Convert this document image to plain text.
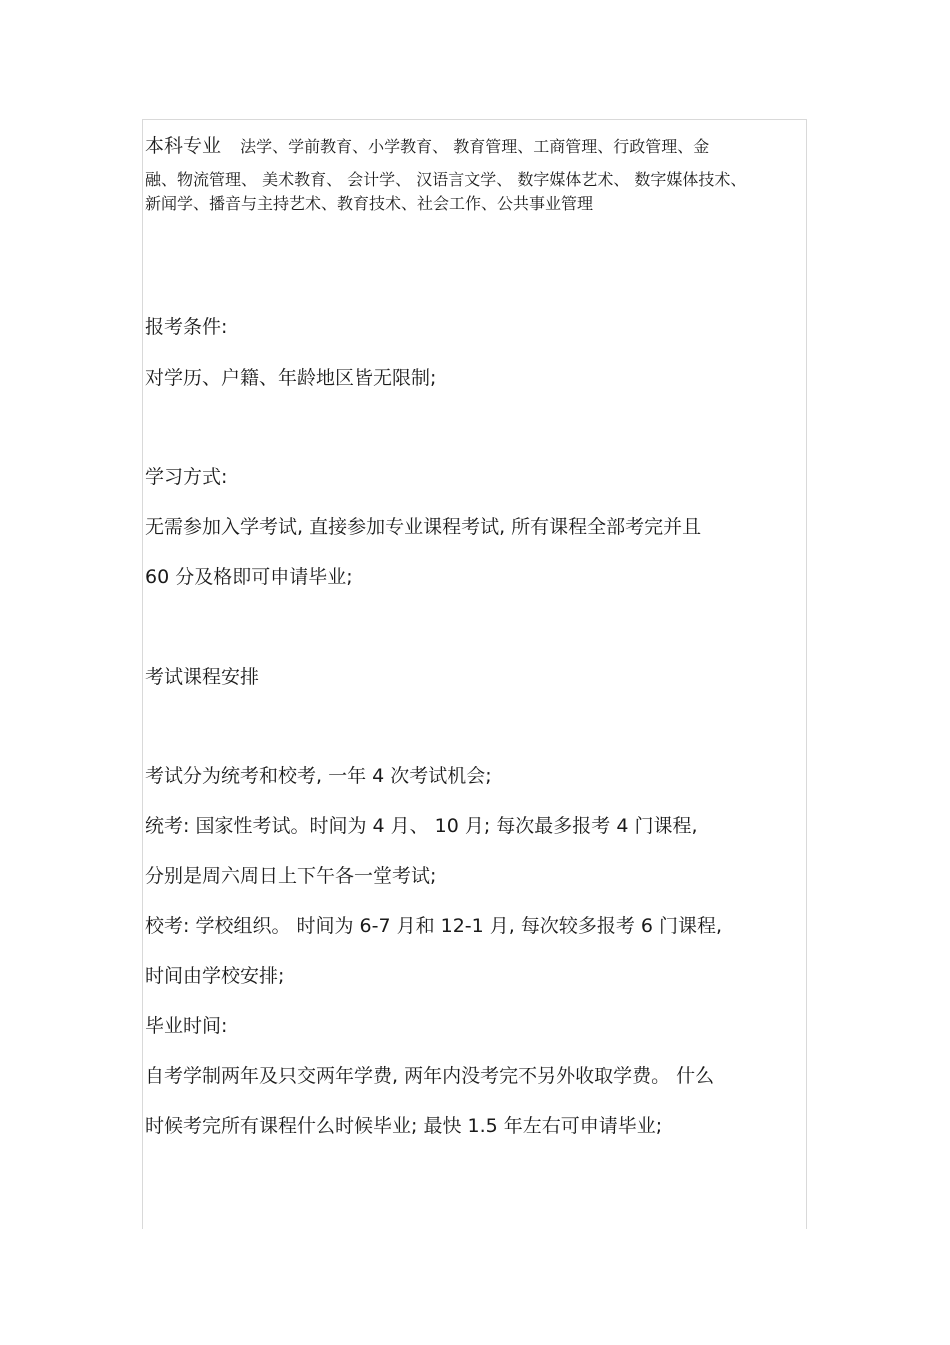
本科专业 法学、学前教育、小学教育、 教育管理、工商管理、行政管理、金

融、物流管理、 美术教育、 会计学、 汉语言文学、 数字媒体艺术、 数字媒体技术、

新闻学、播音与主持艺术、教育技术、社会工作、公共事业管理

报考条件:

对学历、户籍、年龄地区皆无限制;

学习方式:

无需参加入学考试, 直接参加专业课程考试, 所有课程全部考完并且

60 分及格即可申请毕业;

考试课程安排

考试分为统考和校考, 一年 4 次考试机会;

统考: 国家性考试。时间为 4 月、 10 月; 每次最多报考 4 门课程,

分别是周六周日上下午各一堂考试;

校考: 学校组织。 时间为 6-7 月和 12-1 月, 每次较多报考 6 门课程,

时间由学校安排;

毕业时间:

自考学制两年及只交两年学费, 两年内没考完不另外收取学费。 什么

时候考完所有课程什么时候毕业; 最快 1.5 年左右可申请毕业;
